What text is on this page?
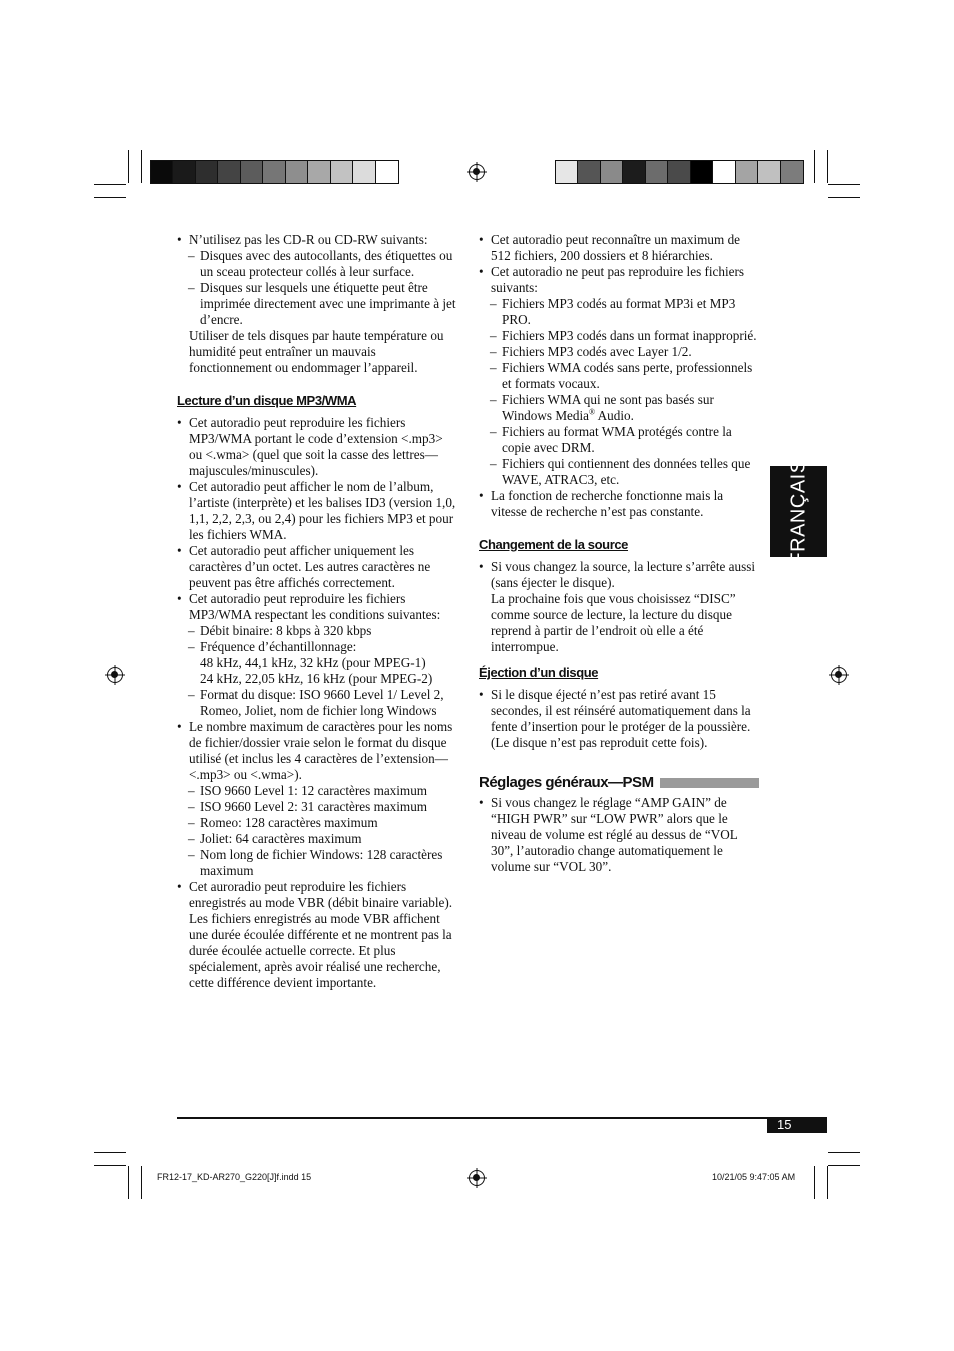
• N’utilisez pas les CD-R ou CD-RW suivants:

– Disques avec des autocollants, des étiquettes ou un sceau protecteur collés à leur surface.

– Disques sur lesquels une étiquette peut être imprimée directement avec une imprimante à jet d’encre.

Utiliser de tels disques par haute température ou humidité peut entraîner un mauvais fonctionnement ou endommager l’appareil.

Lecture d’un disque MP3/WMA

• Cet autoradio peut reproduire les fichiers MP3/WMA portant le code d’extension <.mp3> ou <.wma> (quel que soit la casse des lettres—majuscules/minuscules).

• Cet autoradio peut afficher le nom de l’album, l’artiste (interprète) et les balises ID3 (version 1,0, 1,1, 2,2, 2,3, ou 2,4) pour les fichiers MP3 et pour les fichiers WMA.

• Cet autoradio peut afficher uniquement les caractères d’un octet. Les autres caractères ne peuvent pas être affichés correctement.

• Cet autoradio peut reproduire les fichiers MP3/WMA respectant les conditions suivantes:

– Débit binaire: 8 kbps à 320 kbps

– Fréquence d’échantillonnage:

48 kHz, 44,1 kHz, 32 kHz (pour MPEG-1)

24 kHz, 22,05 kHz, 16 kHz (pour MPEG-2)

– Format du disque: ISO 9660 Level 1/ Level 2, Romeo, Joliet, nom de fichier long Windows

• Le nombre maximum de caractères pour les noms de fichier/dossier vraie selon le format du disque utilisé (et inclus les 4 caractères de l’extension—<.mp3> ou <.wma>).

– ISO 9660 Level 1: 12 caractères maximum

– ISO 9660 Level 2: 31 caractères maximum

– Romeo: 128 caractères maximum

– Joliet: 64 caractères maximum

– Nom long de fichier Windows: 128 caractères maximum

• Cet auroradio peut reproduire les fichiers enregistrés au mode VBR (débit binaire variable).

Les fichiers enregistrés au mode VBR affichent une durée écoulée différente et ne montrent pas la durée écoulée actuelle correcte. Et plus spécialement, après avoir réalisé une recherche, cette différence devient importante.

• Cet autoradio peut reconnaître un maximum de 512 fichiers, 200 dossiers et 8 hiérarchies.

• Cet autoradio ne peut pas reproduire les fichiers suivants:

– Fichiers MP3 codés au format MP3i et MP3 PRO.

– Fichiers MP3 codés dans un format inapproprié.

– Fichiers MP3 codés avec Layer 1/2.

– Fichiers WMA codés sans perte, professionnels et formats vocaux.

– Fichiers WMA qui ne sont pas basés sur Windows Media® Audio.

– Fichiers au format WMA protégés contre la copie avec DRM.

– Fichiers qui contiennent des données telles que WAVE, ATRAC3, etc.

• La fonction de recherche fonctionne mais la vitesse de recherche n’est pas constante.

Changement de la source

• Si vous changez la source, la lecture s’arrête aussi (sans éjecter le disque).

La prochaine fois que vous choisissez “DISC” comme source de lecture, la lecture du disque reprend à partir de l’endroit où elle a été interrompue.

Éjection d’un disque

• Si le disque éjecté n’est pas retiré avant 15 secondes, il est réinséré automatiquement dans la fente d’insertion pour le protéger de la poussière. (Le disque n’est pas reproduit cette fois).

Réglages généraux—PSM

• Si vous changez le réglage “AMP GAIN” de “HIGH PWR” sur “LOW PWR” alors que le niveau de volume est réglé au dessus de “VOL 30”, l’autoradio change automatiquement le volume sur “VOL 30”.

FRANÇAIS
15
FR12-17_KD-AR270_G220[J]f.indd 15	10/21/05 9:47:05 AM
